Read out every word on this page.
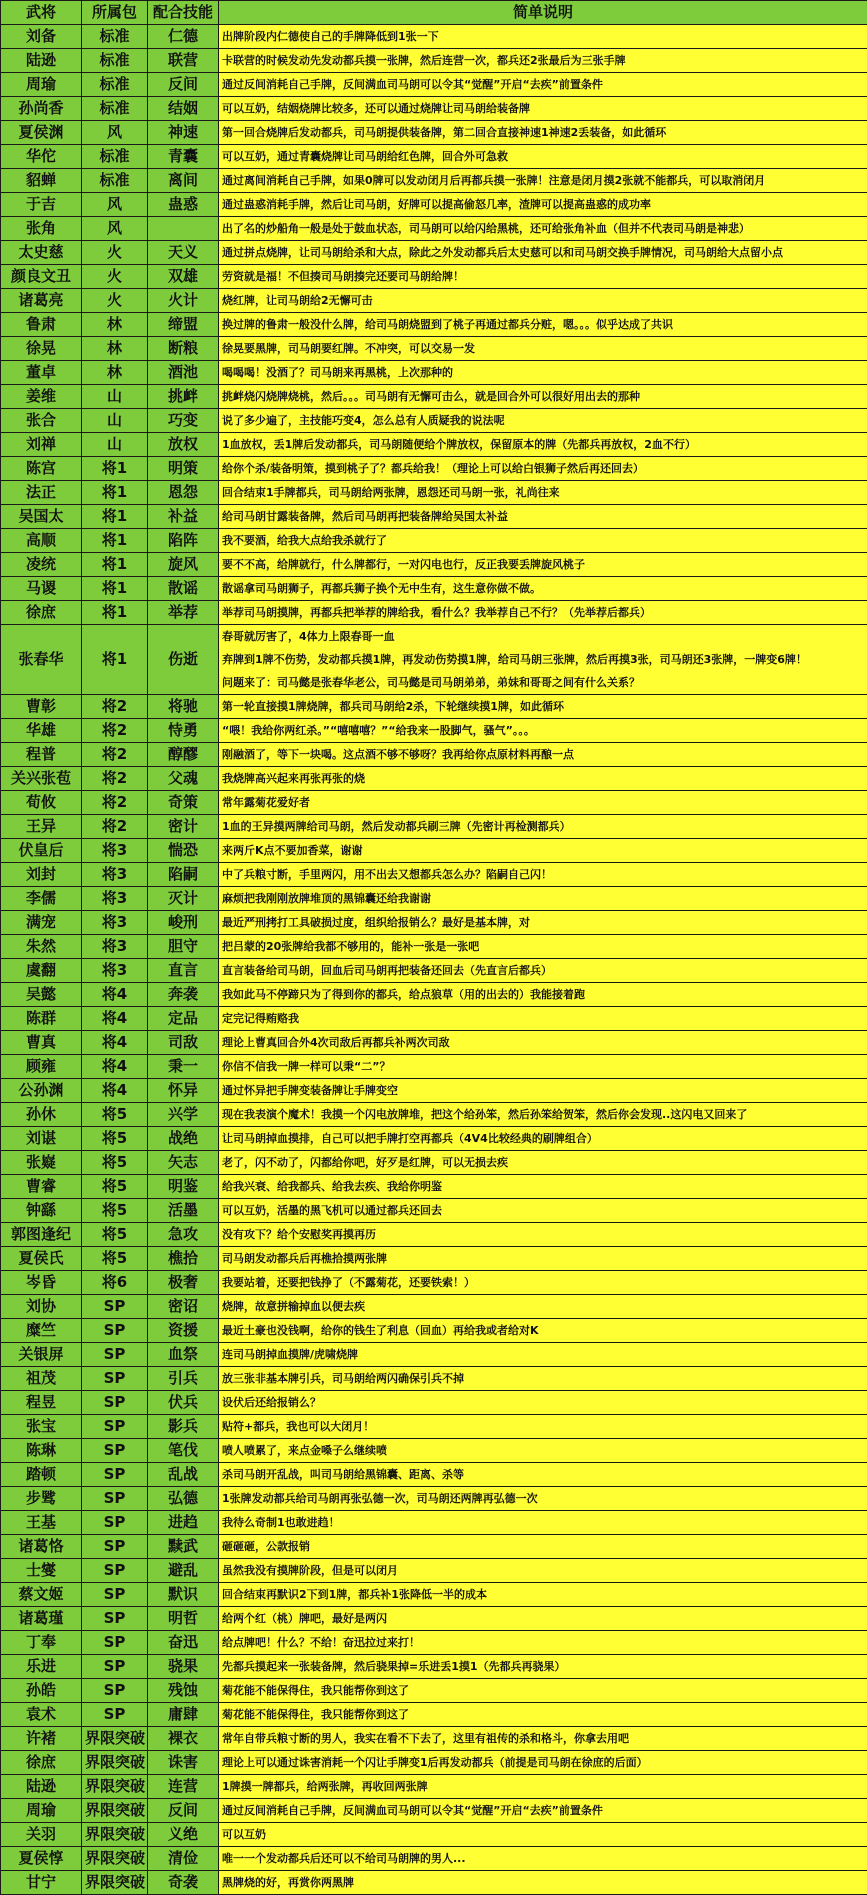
武将	所属包	配合技能	简单说明
刘备	标准	仁德	出牌阶段内仁德使自己的手牌降低到1张一下
陆逊	标准	联营	卡联营的时候发动先发动都兵摸一张牌，然后连营一次，都兵还2张最后为三张手牌
周瑜	标准	反间	通过反间消耗自己手牌，反间满血司马朗可以令其“觉醒”开启“去疾”前置条件
孙尚香	标准	结姻	可以互奶，结姻烧牌比较多，还可以通过烧牌让司马朗给装备牌
夏侯渊	风	神速	第一回合烧牌后发动都兵，司马朗提供装备牌，第二回合直接神速1神速2丢装备，如此循环
华佗	标准	青囊	可以互奶，通过青囊烧牌让司马朗给红色牌，回合外可急救
貂蝉	标准	离间	通过离间消耗自己手牌，如果0牌可以发动闭月后再都兵摸一张牌！注意是闭月摸2张就不能都兵，可以取消闭月
于吉	风	蛊惑	通过蛊惑消耗手牌，然后让司马朗，好牌可以提高偷怒几率，渣牌可以提高蛊惑的成功率
张角	风		出了名的炒船角一般是处于鼓血状态，司马朗可以给闪给黑桃，还可给张角补血（但并不代表司马朗是神悲）
太史慈	火	天义	通过拼点烧牌，让司马朗给杀和大点，除此之外发动都兵后太史慈可以和司马朗交换手牌情况，司马朗给大点留小点
颜良文丑	火	双雄	劳资就是福！不但揍司马朗揍完还要司马朗给牌！
诸葛亮	火	火计	烧红牌，让司马朗给2无懈可击
鲁肃	林	缔盟	换过牌的鲁肃一般没什么牌，给司马朗烧盟到了桃子再通过都兵分赃，嗯。。。似乎达成了共识
徐晃	林	断粮	徐晃要黑牌，司马朗要红牌。不冲突，可以交易一发
董卓	林	酒池	喝喝喝！没酒了？司马朗来再黑桃，上次那种的
姜维	山	挑衅	挑衅烧闪烧牌烧桃，然后。。。司马朗有无懈可击么，就是回合外可以很好用出去的那种
张合	山	巧变	说了多少遍了，主技能巧变4，怎么总有人质疑我的说法呢
刘禅	山	放权	1血放权，丢1牌后发动都兵，司马朗随便给个牌放权，保留原本的牌（先都兵再放权，2血不行）
陈宫	将1	明策	给你个杀/装备明策，摸到桃子了？都兵给我！（理论上可以给白银狮子然后再还回去）
法正	将1	恩怨	回合结束1手牌都兵，司马朗给两张牌，恩怨还司马朗一张，礼尚往来
吴国太	将1	补益	给司马朗甘露装备牌，然后司马朗再把装备牌给吴国太补益
高顺	将1	陷阵	我不要酒，给我大点给我杀就行了
凌统	将1	旋风	要不不高，给牌就行，什么牌都行，一对闪电也行，反正我要丢牌旋风桃子
马谡	将1	散谣	散谣拿司马朗狮子，再都兵狮子换个无中生有，这生意你做不做。
徐庶	将1	举荐	举荐司马朗摸牌，再都兵把举荐的牌给我，看什么？我举荐自己不行？（先举荐后都兵）
张春华	将1	伤逝	春哥就厉害了，4体力上限春哥一血
弃牌到1牌不伤势，发动都兵摸1牌，再发动伤势摸1牌，给司马朗三张牌，然后再摸3张，司马朗还3张牌，一牌变6牌！
问题来了：司马懿是张春华老公，司马懿是司马朗弟弟，弟妹和哥哥之间有什么关系？
曹彰	将2	将驰	第一轮直接摸1牌烧牌，都兵司马朗给2杀，下轮继续摸1牌，如此循环
华雄	将2	恃勇	“喂！我给你两红杀。”“嘻嘻嘻？”“给我来一股脚气，骚气”。。。
程普	将2	醇醪	刚融酒了，等下一块喝。这点酒不够不够呀？我再给你点原材料再酿一点
关兴张苞	将2	父魂	我烧牌高兴起来再张再张的烧
荀攸	将2	奇策	常年露菊花爱好者
王异	将2	密计	1血的王异摸两牌给司马朗，然后发动都兵刷三牌（先密计再检测都兵）
伏皇后	将3	惴恐	来两斤K点不要加香菜，谢谢
刘封	将3	陷嗣	中了兵粮寸断，手里两闪，用不出去又想都兵怎么办？陷嗣自己闪！
李儒	将3	灭计	麻烦把我刚刚放牌堆顶的黑锦囊还给我谢谢
满宠	将3	峻刑	最近严刑拷打工具破损过度，组织给报销么？最好是基本牌，对
朱然	将3	胆守	把吕蒙的20张牌给我都不够用的，能补一张是一张吧
虞翻	将3	直言	直言装备给司马朗，回血后司马朗再把装备还回去（先直言后都兵）
吴懿	将4	奔袭	我如此马不停蹄只为了得到你的都兵，给点狼草（用的出去的）我能接着跑
陈群	将4	定品	定完记得贿赂我
曹真	将4	司敌	理论上曹真回合外4次司敌后再都兵补两次司敌
顾雍	将4	秉一	你信不信我一牌一样可以秉“二”？
公孙渊	将4	怀异	通过怀异把手牌变装备牌让手牌变空
孙休	将5	兴学	现在我表演个魔术！我摸一个闪电放牌堆，把这个给孙笨，然后孙笨给贺笨，然后你会发现..这闪电又回来了
刘谌	将5	战绝	让司马朗掉血摸排，自己可以把手牌打空再都兵（4V4比较经典的刷牌组合）
张嶷	将5	矢志	老了，闪不动了，闪都给你吧，好歹是红牌，可以无损去疾
曹睿	将5	明鉴	给我兴衰、给我都兵、给我去疾、我给你明鉴
钟繇	将5	活墨	可以互奶，活墨的黑飞机可以通过都兵还回去
郭图逢纪	将5	急攻	没有攻下？给个安慰奖再摸再历
夏侯氏	将5	樵拾	司马朗发动都兵后再樵拾摸两张牌
岑昏	将6	极奢	我要站着，还要把钱挣了（不露菊花，还要铁索！）
刘协	SP	密诏	烧牌，故意拼输掉血以便去疾
糜竺	SP	资援	最近土豪也没钱啊，给你的钱生了利息（回血）再给我或者给对K
关银屏	SP	血祭	连司马朗掉血摸牌/虎啸烧牌
祖茂	SP	引兵	放三张非基本牌引兵，司马朗给两闪确保引兵不掉
程昱	SP	伏兵	设伏后还给报销么？
张宝	SP	影兵	贴符+都兵，我也可以大闭月！
陈琳	SP	笔伐	喷人喷累了，来点金嗓子么继续喷
踏顿	SP	乱战	杀司马朗开乱战，叫司马朗给黑锦囊、距离、杀等
步骘	SP	弘德	1张牌发动都兵给司马朗再张弘德一次，司马朗还两牌再弘德一次
王基	SP	进趋	我待么奇制1也敢进趋！
诸葛恪	SP	黩武	砸砸砸，公款报销
士燮	SP	避乱	虽然我没有摸牌阶段，但是可以闭月
蔡文姬	SP	默识	回合结束再默识2下到1牌，都兵补1张降低一半的成本
诸葛瑾	SP	明哲	给两个红（桃）牌吧，最好是两闪
丁奉	SP	奋迅	给点牌吧！什么？不给！奋迅拉过来打！
乐进	SP	骁果	先都兵摸起来一张装备牌，然后骁果掉=乐进丢1摸1（先都兵再骁果）
孙皓	SP	残蚀	菊花能不能保得住，我只能帮你到这了
袁术	SP	庸肆	菊花能不能保得住，我只能帮你到这了
许褚	界限突破	裸衣	常年自带兵粮寸断的男人，我实在看不下去了，这里有祖传的杀和格斗，你拿去用吧
徐庶	界限突破	诛害	理论上可以通过诛害消耗一个闪让手牌变1后再发动都兵（前提是司马朗在徐庶的后面）
陆逊	界限突破	连营	1牌摸一牌都兵，给两张牌，再收回两张牌
周瑜	界限突破	反间	通过反间消耗自己手牌，反间满血司马朗可以令其“觉醒”开启“去疾”前置条件
关羽	界限突破	义绝	可以互奶
夏侯惇	界限突破	清俭	唯一一个发动都兵后还可以不给司马朗牌的男人...
甘宁	界限突破	奇袭	黑牌烧的好，再赏你两黑牌
